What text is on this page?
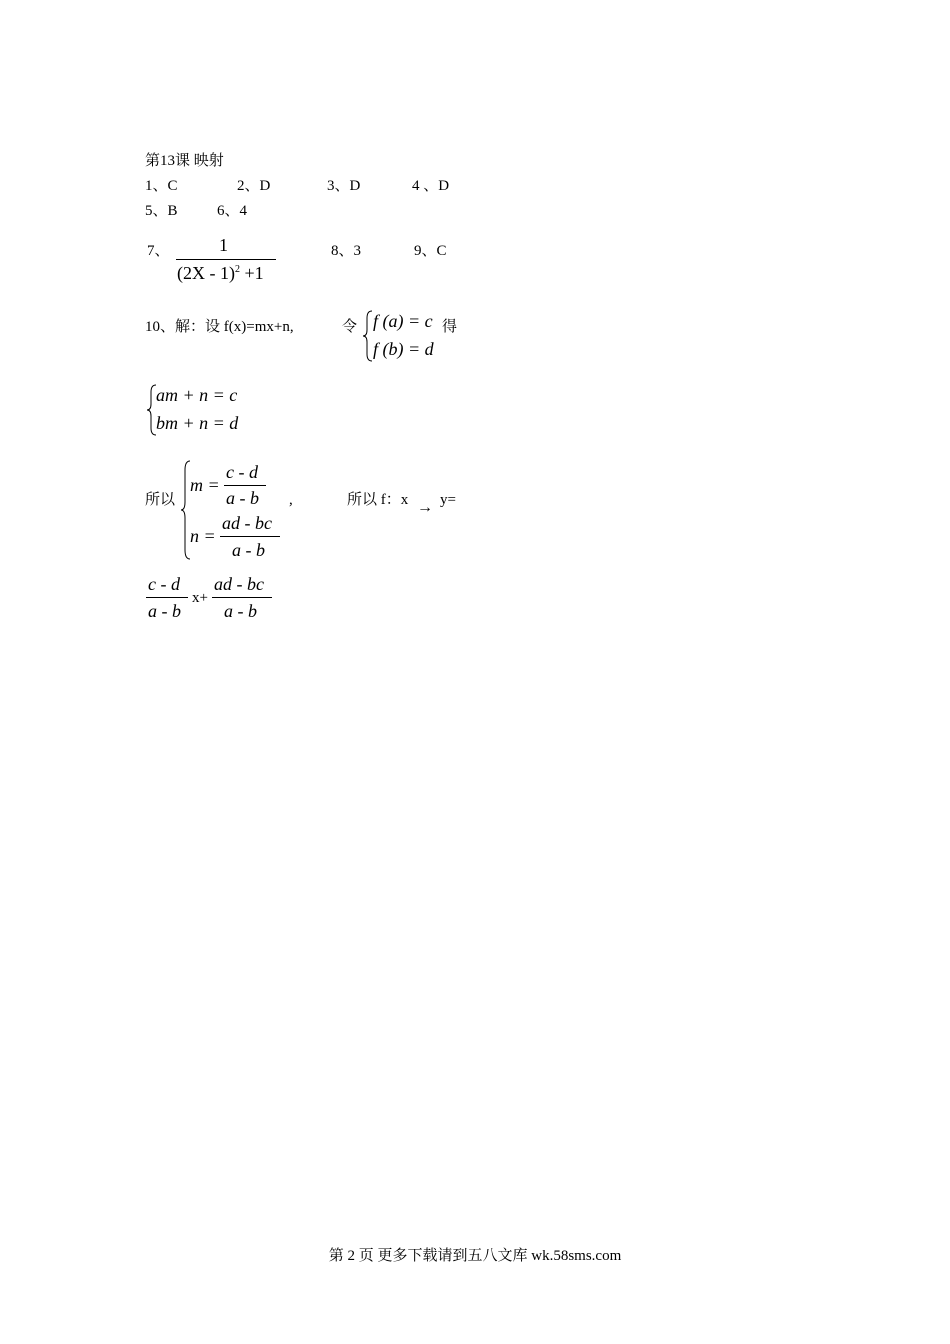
第13课 映射
1、C	2、D	3、D	4 、D
5、B	6、4
7、	1
(2X - 1)$^2$ +1
8、3	9、C
10、解：设 f(x)=mx+n,	令 f (a) = c
f (b) = d
得
am + n = c
bm + n = d
所以
m =
c - d
a - b
n =
ad - bc
a - b
,	所以 f：x → y=
c - d
a - b
x+
ad - bc
a - b
第 2 页 更多下载请到五八文库 wk.58sms.com
